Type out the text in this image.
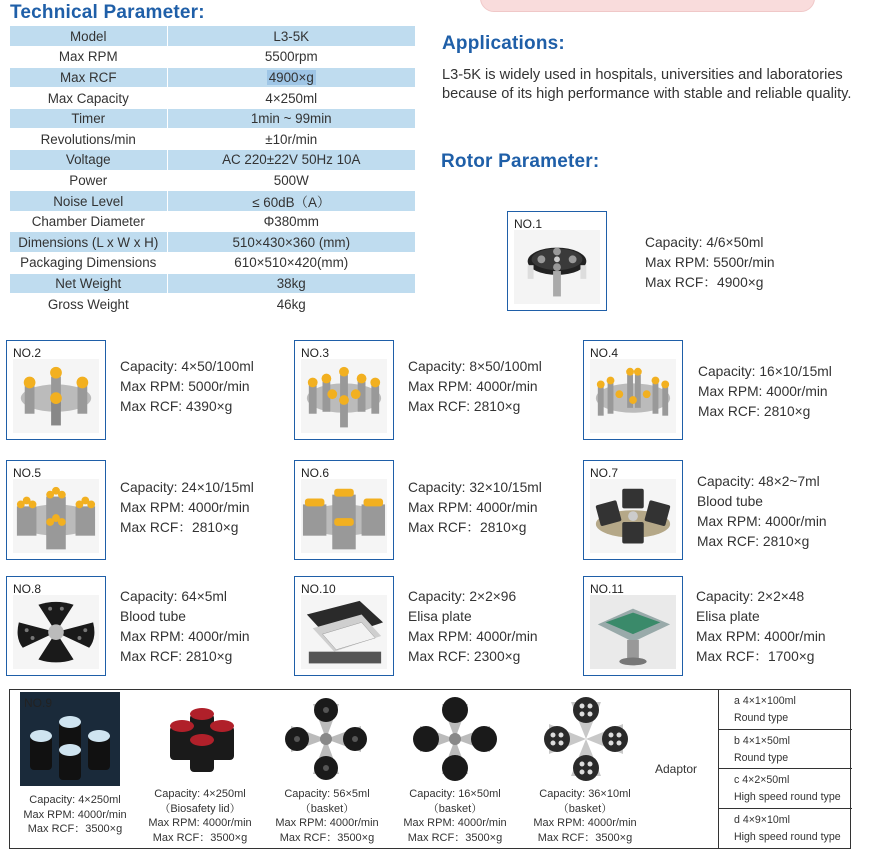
Technical Parameter:
Applications:
Rotor Parameter:
Model	L3-5K
Max RPM	5500rpm
Max RCF	4900×g
Max Capacity	4×250ml
Timer	1min ~ 99min
Revolutions/min	±10r/min
Voltage	AC 220±22V 50Hz 10A
Power	500W
Noise Level	≤ 60dB（A）
Chamber Diameter	Φ380mm
Dimensions (L x W x H)	510×430×360 (mm)
Packaging Dimensions	610×510×420(mm)
Net Weight	38kg
Gross Weight	46kg
L3-5K is widely used in hospitals, universities and laboratories because of its high performance with stable and reliable quality.
NO.1
Capacity: 4/6×50ml
Max RPM: 5500r/min
Max RCF：4900×g
NO.2
Capacity: 4×50/100ml
Max RPM: 5000r/min
Max RCF: 4390×g
NO.3
Capacity: 8×50/100ml
Max RPM: 4000r/min
Max RCF: 2810×g
NO.4
Capacity: 16×10/15ml
Max RPM: 4000r/min
Max RCF: 2810×g
NO.5
Capacity: 24×10/15ml
Max RPM: 4000r/min
Max RCF：2810×g
NO.6
Capacity: 32×10/15ml
Max RPM: 4000r/min
Max RCF：2810×g
NO.7
Capacity: 48×2~7ml
Blood tube
Max RPM: 4000r/min
Max RCF: 2810×g
NO.8	Capacity: 64×5ml
Blood tube
Max RPM: 4000r/min
Max RCF: 2810×g
NO.10	Capacity: 2×2×96
Elisa plate
Max RPM: 4000r/min
Max RCF: 2300×g
NO.11	Capacity: 2×2×48
Elisa plate
Max RPM: 4000r/min
Max RCF：1700×g
NO.9
Capacity: 4×250ml
Max RPM: 4000r/min
Max RCF：3500×g
Capacity: 4×250ml
（Biosafety lid）
Max RPM: 4000r/min
Max RCF：3500×g
Capacity: 56×5ml
（basket）
Max RPM: 4000r/min
Max RCF：3500×g
Capacity: 16×50ml
（basket）
Max RPM: 4000r/min
Max RCF：3500×g
Capacity: 36×10ml
（basket）
Max RPM: 4000r/min
Max RCF：3500×g
Adaptor
a 4×1×100ml
Round type
b 4×1×50ml
Round type
c 4×2×50ml
High speed round type
d 4×9×10ml
High speed round type
